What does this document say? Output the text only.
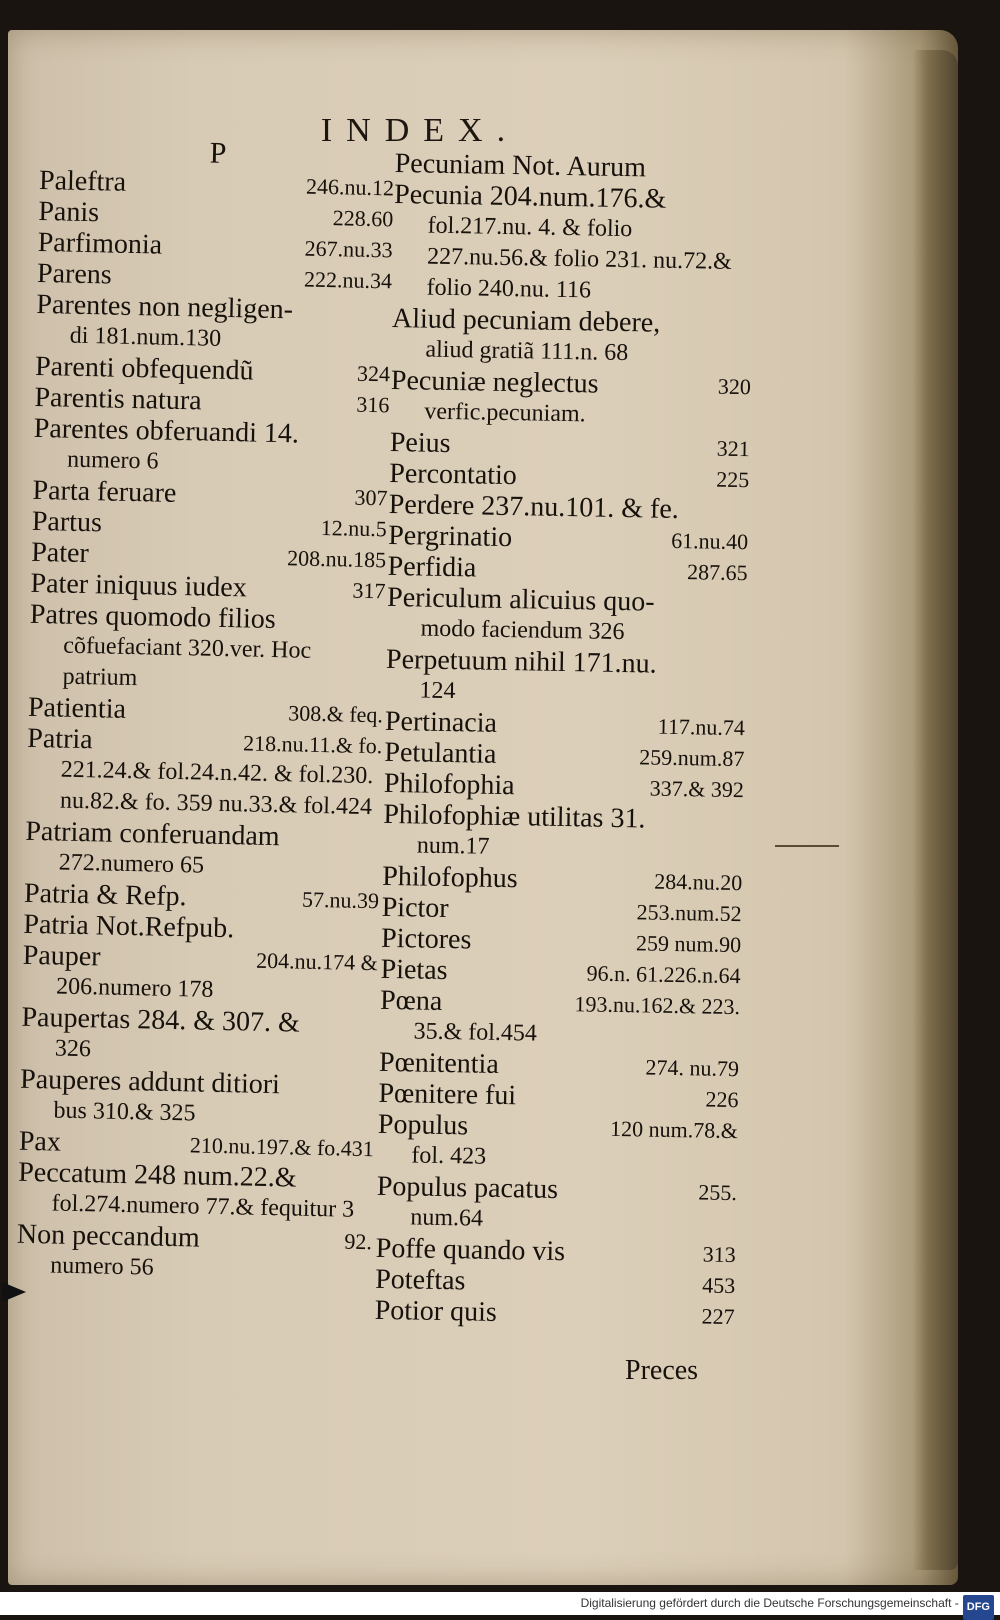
INDEX.
P
Paleftra	246.nu.12
Panis	228.60
Parfimonia	267.nu.33
Parens	222.nu.34
Parentes non negligen-
di 181.num.130
Parenti obfequendũ	324
Parentis natura	316
Parentes obferuandi 14.
numero 6
Parta feruare	307
Partus	12.nu.5
Pater	208.nu.185
Pater iniquus iudex	317
Patres quomodo filios
cõfuefaciant 320.ver. Hoc patrium
Patientia	308.& feq.
Patria	218.nu.11.& fo.
221.24.& fol.24.n.42. & fol.230. nu.82.& fo. 359 nu.33.& fol.424
Patriam conferuandam
272.numero 65
Patria & Refp.	57.nu.39
Patria Not.Refpub.
Pauper	204.nu.174 &
206.numero 178
Paupertas 284. & 307. &
326
Pauperes addunt ditiori
bus 310.& 325
Pax	210.nu.197.& fo.431
Peccatum 248 num.22.&
fol.274.numero 77.& fequitur 3
Non peccandum	92.
numero 56
Pecuniam Not. Aurum
Pecunia 204.num.176.&
fol.217.nu. 4. & folio 227.nu.56.& folio 231. nu.72.& folio 240.nu. 116
Aliud pecuniam debere,
aliud gratiã 111.n. 68
Pecuniæ neglectus	320
verfic.pecuniam.
Peius	321
Percontatio	225
Perdere 237.nu.101. & fe.
Pergrinatio	61.nu.40
Perfidia	287.65
Periculum alicuius quo-
modo faciendum 326
Perpetuum nihil 171.nu.
124
Pertinacia	117.nu.74
Petulantia	259.num.87
Philofophia	337.& 392
Philofophiæ utilitas 31.
num.17
Philofophus	284.nu.20
Pictor	253.num.52
Pictores	259 num.90
Pietas	96.n. 61.226.n.64
Pœna	193.nu.162.& 223.
35.& fol.454
Pœnitentia	274. nu.79
Pœnitere fui	226
Populus	120 num.78.&
fol. 423
Populus pacatus	255.
num.64
Poffe quando vis	313
Poteftas	453
Potior quis	227
Preces
Digitalisierung gefördert durch die Deutsche Forschungsgemeinschaft - DFG
